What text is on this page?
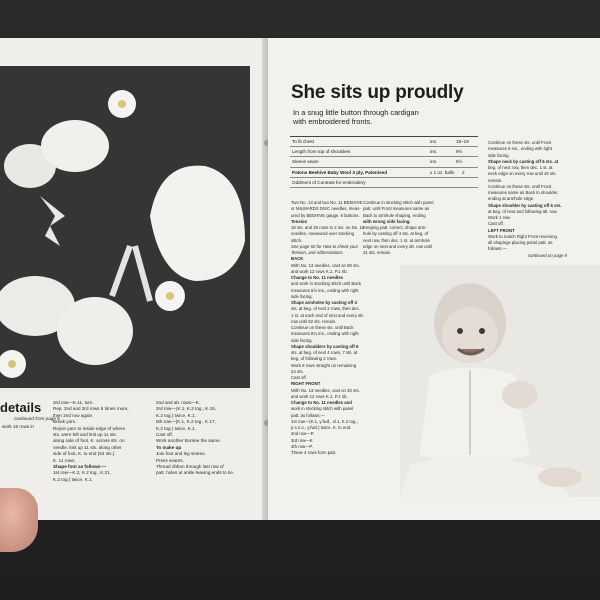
details
continued from page 5
work 16 rows in
3rd row—K.11, turn.
Rep. 2nd and 3rd rows 8 times more,
then 2nd row again.
Break yarn.
Rejoin yarn to inside edge of where
sts. were left and knit up 11 sts.
along side of foot, K. across sts. on
needle, knit up 11 sts. along other
side of foot, K. to end (53 sts.).
K. 11 rows.
Shape foot as follows:—
1st row—K.2, K.2 tog., K.21,
K.2 tog.) twice, K.1.
2nd and alt. rows—K.
3rd row—(K.1, K.2 tog., K.19,
K.2 tog.) twice, K.1.
5th row—(K.1, K.2 tog., K.17,
K.2 tog.) twice, K.1.
Cast off.
Work another Bootee the same.
To make up
Join foot and leg seams.
Press seams.
Thread ribbon through last row of
patt. holes at ankle leaving ends to tie.
She sits up proudly
In a snug little button through cardigan
with embroidered fronts.
To fit chest	ins.	18–19
Length from top of shoulders	ins.	9½
Sleeve seam	ins.	5½
Patons Beehive Baby Wool 3 ply, Patonised	x 1 oz. balls 2
Oddment of Contrast for embroidery
Two No. 13 and two No. 11 BEEHIVE
or MILWARDS DISC needles, meas-
ured by BEEHIVE gauge. 6 buttons.
Tension
15 sts. and 20 rows to 2 ins. on No. 11
needles, measured over stocking
stitch.
See page 50 for How to check your
Tension, and Abbreviations.
BACK
With No. 13 needles, cast on 80 sts.
and work 12 rows K.1, P.1 rib.
Change to No. 11 needles
and work in stocking stitch until Back
measures 5½ ins., ending with right
side facing.
Shape armholes by casting off 4
sts. at beg. of next 2 rows, then dec.
1 st. at each end of next and every alt.
row until 62 sts. remain.
Continue on these sts. until Back
measures 8¾ ins., ending with right
side facing.
Shape shoulders by casting off 6
sts. at beg. of next 4 rows, 7 sts. at
beg. of following 2 rows.
Work 8 rows straight on remaining
24 sts.
Cast off.
RIGHT FRONT
With No. 13 needles, cast on 40 sts.
and work 12 rows K.1, P.1 rib.
Change to No. 11 needles and
work in stocking stitch with panel
patt. as follows:—
1st row—(K.1, y.fwd., sl.1, K.2 tog.,
p.s.s.o., y.fwd.) twice, K. to end.
2nd row—P.
3rd row—K.
4th row—P.
These 4 rows form patt.
Continue in stocking stitch with panel
patt. until Front measures same as
Back to armhole shaping, ending
with wrong side facing.
Keeping patt. correct, shape arm-
hole by casting off 4 sts. at beg. of
next row, then dec. 1 st. at armhole
edge on next and every alt. row until
31 sts. remain.
Continue on these sts. until Front
measures 8 ins., ending with right
side facing.
Shape neck by casting off 6 sts. at
beg. of next row, then dec. 1 st. at
neck edge on every row until 19 sts.
remain.
Continue on these sts. until Front
measures same as Back to shoulder,
ending at armhole edge.
Shape shoulder by casting off 6 sts.
at beg. of next and following alt. row.
Work 1 row.
Cast off.
LEFT FRONT
Work to match Right Front reversing
all shapings placing panel patt. as
follows:—
continued on page 9
